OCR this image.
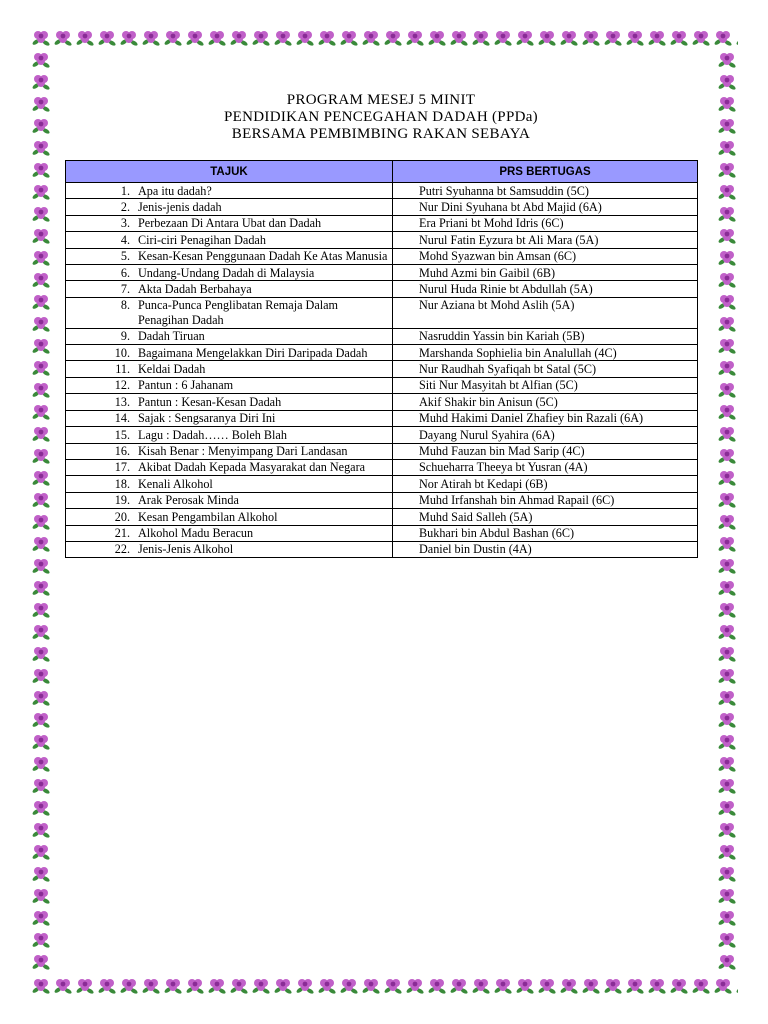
PROGRAM MESEJ 5 MINIT
PENDIDIKAN PENCEGAHAN DADAH (PPDa)
BERSAMA PEMBIMBING RAKAN SEBAYA
TAJUK	PRS BERTUGAS

1. Apa itu dadah?	Putri Syuhanna bt Samsuddin (5C)

2. Jenis-jenis dadah	Nur Dini Syuhana bt Abd Majid (6A)

3. Perbezaan Di Antara Ubat dan Dadah	Era Priani bt Mohd Idris (6C)

4. Ciri-ciri Penagihan Dadah	Nurul Fatin Eyzura bt Ali Mara (5A)

5. Kesan-Kesan Penggunaan Dadah Ke Atas Manusia	Mohd Syazwan bin Amsan (6C)

6. Undang-Undang Dadah di Malaysia	Muhd Azmi bin Gaibil (6B)

7. Akta Dadah Berbahaya	Nurul Huda Rinie bt Abdullah (5A)

8. Punca-Punca Penglibatan Remaja Dalam Penagihan Dadah	Nur Aziana bt Mohd Aslih (5A)

9. Dadah Tiruan	Nasruddin Yassin bin Kariah (5B)

10. Bagaimana Mengelakkan Diri Daripada Dadah	Marshanda Sophielia bin Analullah (4C)

11. Keldai Dadah	Nur Raudhah Syafiqah bt Satal (5C)

12. Pantun : 6 Jahanam	Siti Nur Masyitah bt Alfian (5C)

13. Pantun : Kesan-Kesan Dadah	Akif Shakir bin Anisun (5C)

14. Sajak : Sengsaranya Diri Ini	Muhd Hakimi Daniel Zhafiey bin Razali (6A)

15. Lagu : Dadah…… Boleh Blah	Dayang Nurul Syahira (6A)

16. Kisah Benar : Menyimpang Dari Landasan	Muhd Fauzan bin Mad Sarip (4C)

17. Akibat Dadah Kepada Masyarakat dan Negara	Schueharra Theeya bt Yusran (4A)

18. Kenali Alkohol	Nor Atirah bt Kedapi (6B)

19. Arak Perosak Minda	Muhd Irfanshah bin Ahmad Rapail (6C)

20. Kesan Pengambilan Alkohol	Muhd Said Salleh (5A)

21. Alkohol Madu Beracun	Bukhari bin Abdul Bashan (6C)

22. Jenis-Jenis Alkohol	Daniel bin Dustin (4A)
